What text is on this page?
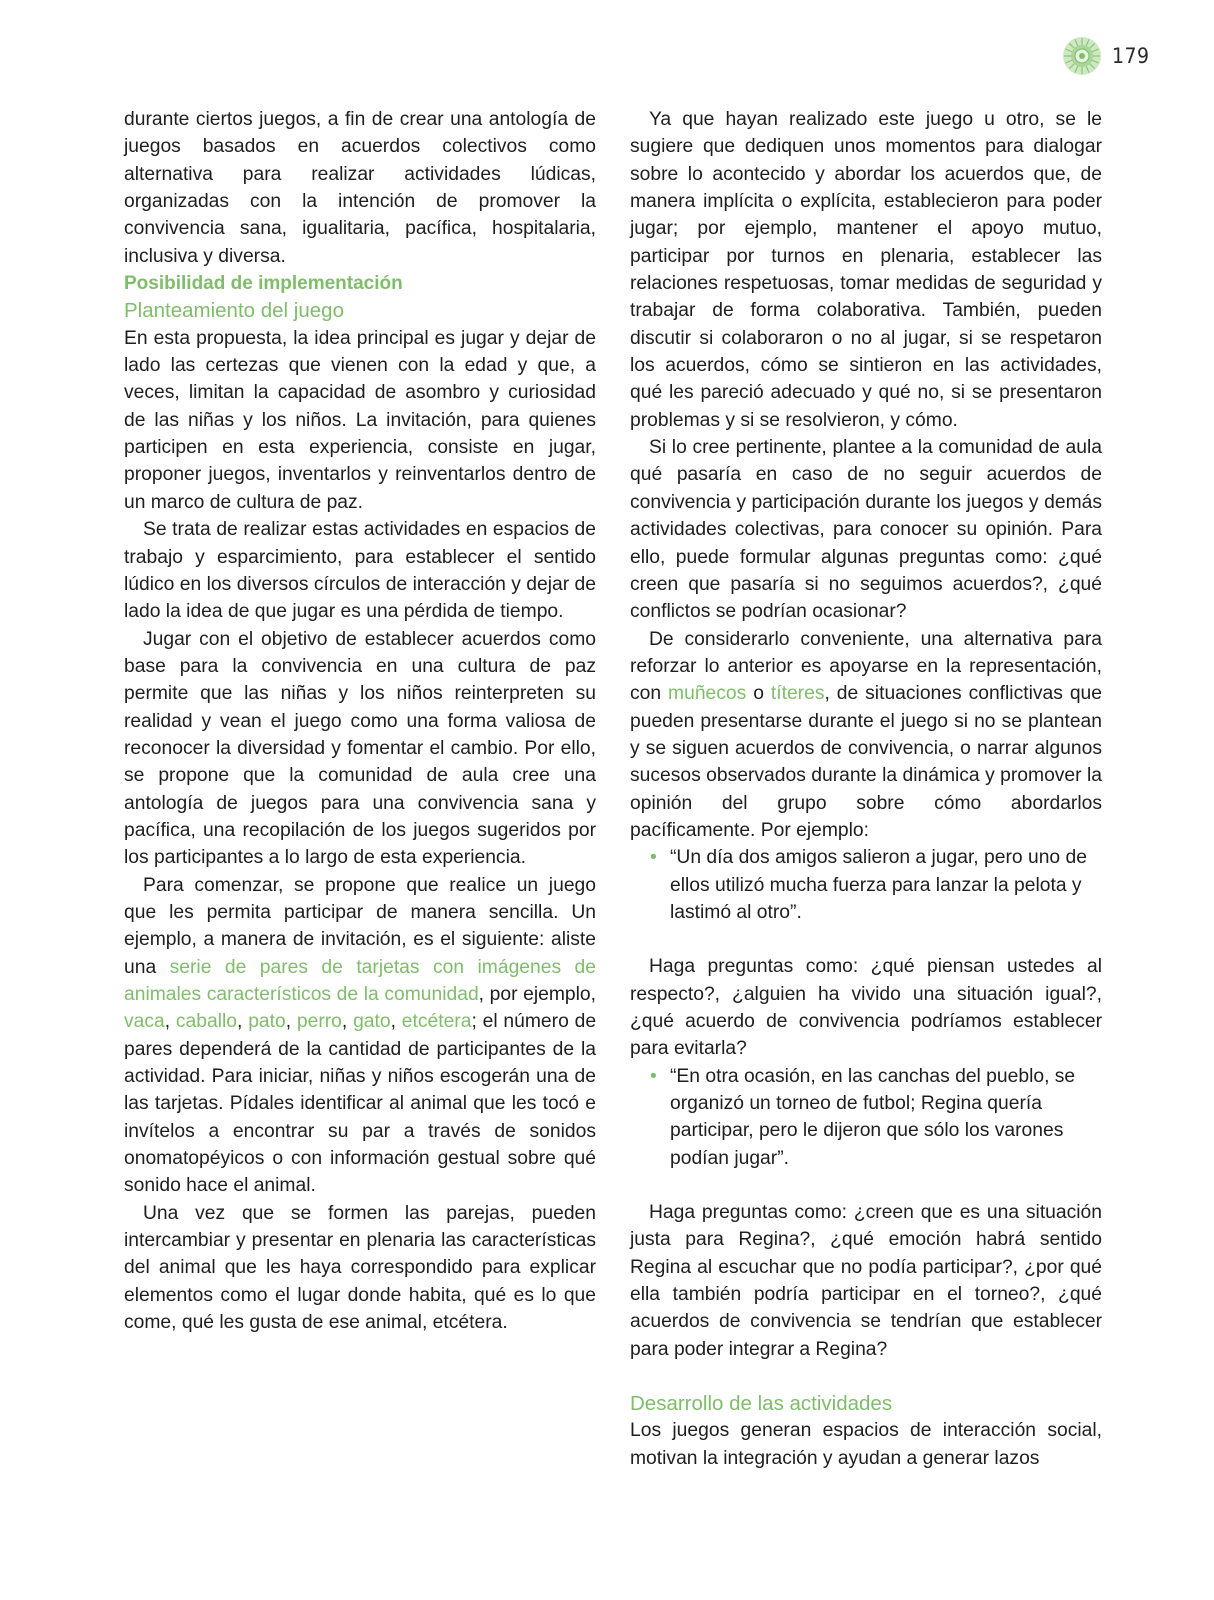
179

durante ciertos juegos, a fin de crear una antología de juegos basados en acuerdos colectivos como alternativa para realizar actividades lúdicas, organizadas con la intención de promover la convivencia sana, igualitaria, pacífica, hospitalaria, inclusiva y diversa.

Posibilidad de implementación

Planteamiento del juego

En esta propuesta, la idea principal es jugar y dejar de lado las certezas que vienen con la edad y que, a veces, limitan la capacidad de asombro y curiosidad de las niñas y los niños. La invitación, para quienes participen en esta experiencia, consiste en jugar, proponer juegos, inventarlos y reinventarlos dentro de un marco de cultura de paz.

Se trata de realizar estas actividades en espacios de trabajo y esparcimiento, para establecer el sentido lúdico en los diversos círculos de interacción y dejar de lado la idea de que jugar es una pérdida de tiempo.

Jugar con el objetivo de establecer acuerdos como base para la convivencia en una cultura de paz permite que las niñas y los niños reinterpreten su realidad y vean el juego como una forma valiosa de reconocer la diversidad y fomentar el cambio. Por ello, se propone que la comunidad de aula cree una antología de juegos para una convivencia sana y pacífica, una recopilación de los juegos sugeridos por los participantes a lo largo de esta experiencia.

Para comenzar, se propone que realice un juego que les permita participar de manera sencilla. Un ejemplo, a manera de invitación, es el siguiente: aliste una serie de pares de tarjetas con imágenes de animales característicos de la comunidad, por ejemplo, vaca, caballo, pato, perro, gato, etcétera; el número de pares dependerá de la cantidad de participantes de la actividad. Para iniciar, niñas y niños escogerán una de las tarjetas. Pídales identificar al animal que les tocó e invítelos a encontrar su par a través de sonidos onomatopéyicos o con información gestual sobre qué sonido hace el animal.

Una vez que se formen las parejas, pueden intercambiar y presentar en plenaria las características del animal que les haya correspondido para explicar elementos como el lugar donde habita, qué es lo que come, qué les gusta de ese animal, etcétera.

Ya que hayan realizado este juego u otro, se le sugiere que dediquen unos momentos para dialogar sobre lo acontecido y abordar los acuerdos que, de manera implícita o explícita, establecieron para poder jugar; por ejemplo, mantener el apoyo mutuo, participar por turnos en plenaria, establecer las relaciones respetuosas, tomar medidas de seguridad y trabajar de forma colaborativa. También, pueden discutir si colaboraron o no al jugar, si se respetaron los acuerdos, cómo se sintieron en las actividades, qué les pareció adecuado y qué no, si se presentaron problemas y si se resolvieron, y cómo.

Si lo cree pertinente, plantee a la comunidad de aula qué pasaría en caso de no seguir acuerdos de convivencia y participación durante los juegos y demás actividades colectivas, para conocer su opinión. Para ello, puede formular algunas preguntas como: ¿qué creen que pasaría si no seguimos acuerdos?, ¿qué conflictos se podrían ocasionar?

De considerarlo conveniente, una alternativa para reforzar lo anterior es apoyarse en la representación, con muñecos o títeres, de situaciones conflictivas que pueden presentarse durante el juego si no se plantean y se siguen acuerdos de convivencia, o narrar algunos sucesos observados durante la dinámica y promover la opinión del grupo sobre cómo abordarlos pacíficamente. Por ejemplo:

• “Un día dos amigos salieron a jugar, pero uno de ellos utilizó mucha fuerza para lanzar la pelota y lastimó al otro”.

Haga preguntas como: ¿qué piensan ustedes al respecto?, ¿alguien ha vivido una situación igual?, ¿qué acuerdo de convivencia podríamos establecer para evitarla?

• “En otra ocasión, en las canchas del pueblo, se organizó un torneo de futbol; Regina quería participar, pero le dijeron que sólo los varones podían jugar”.

Haga preguntas como: ¿creen que es una situación justa para Regina?, ¿qué emoción habrá sentido Regina al escuchar que no podía participar?, ¿por qué ella también podría participar en el torneo?, ¿qué acuerdos de convivencia se tendrían que establecer para poder integrar a Regina?

Desarrollo de las actividades

Los juegos generan espacios de interacción social, motivan la integración y ayudan a generar lazos
